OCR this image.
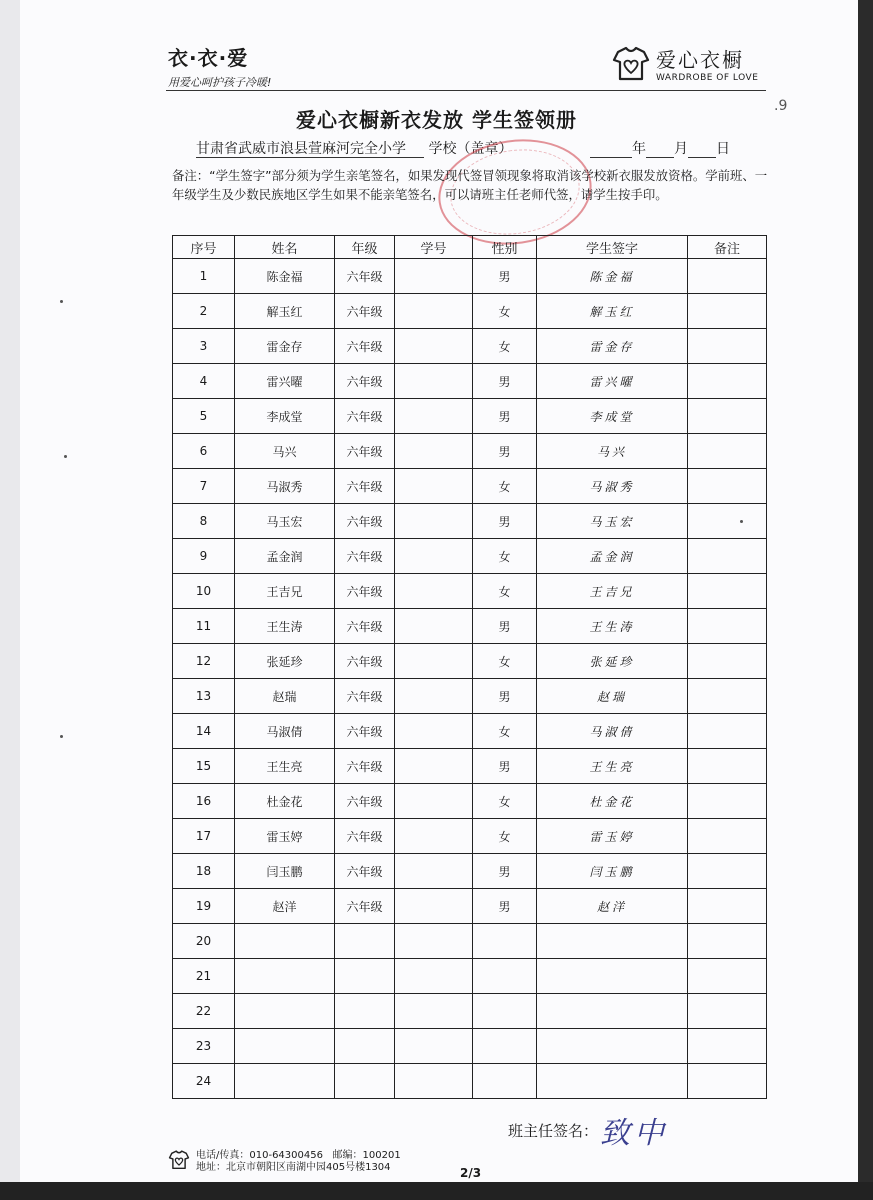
衣·衣·爱
用爱心呵护孩子冷暖!
爱心衣橱
WARDROBE OF LOVE
.9
爱心衣橱新衣发放 学生签领册
甘肃省武威市浪县萱麻河完全小学 学校（盖章）	年 月 日
备注：“学生签字”部分须为学生亲笔签名，如果发现代签冒领现象将取消该学校新衣服发放资格。学前班、一年级学生及少数民族地区学生如果不能亲笔签名，可以请班主任老师代签，请学生按手印。
序号	姓名	年级	学号	性别	学生签字	备注
1	陈金福	六年级		男	陈金福	
2	解玉红	六年级		女	解玉红	
3	雷金存	六年级		女	雷金存	
4	雷兴曜	六年级		男	雷兴曜	
5	李成堂	六年级		男	李成堂	
6	马兴	六年级		男	马兴	
7	马淑秀	六年级		女	马淑秀	
8	马玉宏	六年级		男	马玉宏	
9	孟金润	六年级		女	孟金润	
10	王吉兄	六年级		女	王吉兄	
11	王生涛	六年级		男	王生涛	
12	张延珍	六年级		女	张延珍	
13	赵瑞	六年级		男	赵瑞	
14	马淑倩	六年级		女	马淑倩	
15	王生亮	六年级		男	王生亮	
16	杜金花	六年级		女	杜金花	
17	雷玉婷	六年级		女	雷玉婷	
18	闫玉鹏	六年级		男	闫玉鹏	
19	赵洋	六年级		男	赵洋	
20						
21						
22						
23						
24						
班主任签名： 致中
电话/传真：010-64300456 邮编：100201
地址：北京市朝阳区南湖中园405号楼1304	2/3
